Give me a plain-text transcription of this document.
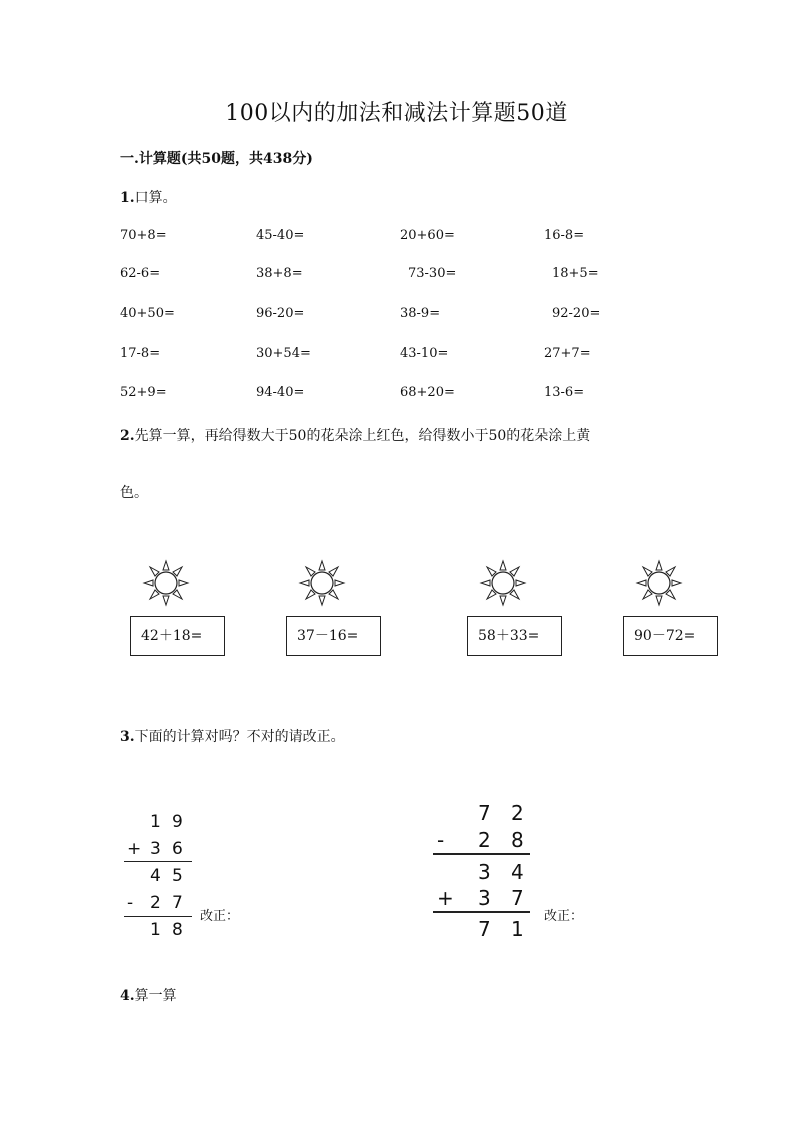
100以内的加法和减法计算题50道
一.计算题(共50题，共438分)
1.口算。
70+8=	45-40=	20+60=	16-8=
62-6=	38+8=	73-30=	18+5=
40+50=	96-20=	38-9=	92-20=
17-8=	30+54=	43-10=	27+7=
52+9=	94-40=	68+20=	13-6=
2.先算一算，再给得数大于50的花朵涂上红色，给得数小于50的花朵涂上黄
色。
42＋18=	37－16=	58＋33=	90－72=
3.下面的计算对吗？不对的请改正。
1 9
+ 3 6
4 5
- 2 7
1 8
改正：
7 2
- 2 8
3 4
+ 3 7
7 1
改正：
4.算一算
